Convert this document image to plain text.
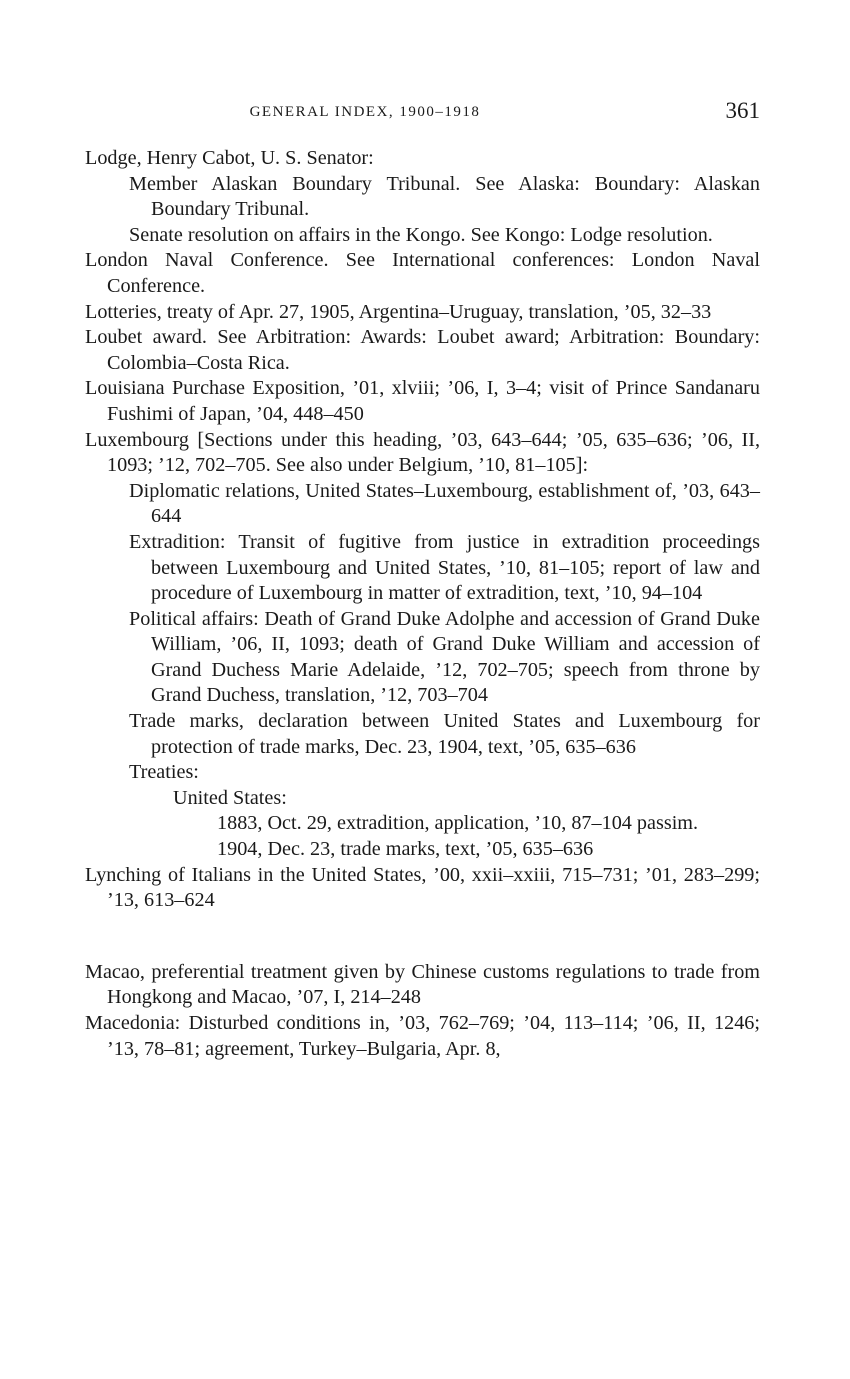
GENERAL INDEX, 1900–1918	361

Lodge, Henry Cabot, U. S. Senator:

Member Alaskan Boundary Tribunal. See Alaska: Boundary: Alaskan Boundary Tribunal.

Senate resolution on affairs in the Kongo. See Kongo: Lodge resolution.

London Naval Conference. See International conferences: London Naval Conference.

Lotteries, treaty of Apr. 27, 1905, Argentina–Uruguay, translation, ’05, 32–33

Loubet award. See Arbitration: Awards: Loubet award; Arbitration: Boundary: Colombia–Costa Rica.

Louisiana Purchase Exposition, ’01, xlviii; ’06, I, 3–4; visit of Prince Sandanaru Fushimi of Japan, ’04, 448–450

Luxembourg [Sections under this heading, ’03, 643–644; ’05, 635–636; ’06, II, 1093; ’12, 702–705. See also under Belgium, ’10, 81–105]:

Diplomatic relations, United States–Luxembourg, establishment of, ’03, 643–644

Extradition: Transit of fugitive from justice in extradition proceedings between Luxembourg and United States, ’10, 81–105; report of law and procedure of Luxembourg in matter of extradition, text, ’10, 94–104

Political affairs: Death of Grand Duke Adolphe and accession of Grand Duke William, ’06, II, 1093; death of Grand Duke William and accession of Grand Duchess Marie Adelaide, ’12, 702–705; speech from throne by Grand Duchess, translation, ’12, 703–704

Trade marks, declaration between United States and Luxembourg for protection of trade marks, Dec. 23, 1904, text, ’05, 635–636

Treaties:

United States:

1883, Oct. 29, extradition, application, ’10, 87–104 passim.

1904, Dec. 23, trade marks, text, ’05, 635–636

Lynching of Italians in the United States, ’00, xxii–xxiii, 715–731; ’01, 283–299; ’13, 613–624

Macao, preferential treatment given by Chinese customs regulations to trade from Hongkong and Macao, ’07, I, 214–248

Macedonia: Disturbed conditions in, ’03, 762–769; ’04, 113–114; ’06, II, 1246; ’13, 78–81; agreement, Turkey–Bulgaria, Apr. 8,
